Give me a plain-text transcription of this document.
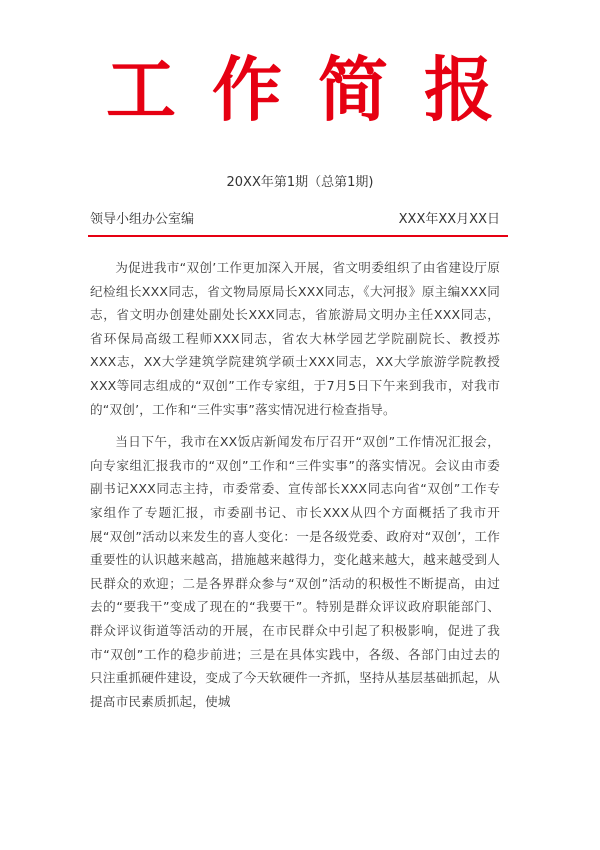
工 作 简 报
20XX年第1期（总第1期)
领导小组办公室编	XXX年XX月XX日

为促进我市“双创’工作更加深入开展，省文明委组织了由省建设厅原纪检组长XXX同志，省文物局原局长XXX同志，《大河报》原主编XXX同志，省文明办创建处副处长XXX同志，省旅游局文明办主任XXX同志，省环保局高级工程师XXX同志，省农大林学园艺学院副院长、教授苏XXX志，XX大学建筑学院建筑学硕士XXX同志，XX大学旅游学院教授XXX等同志组成的“双创”工作专家组，于7月5日下午来到我市，对我市的“双创’，工作和“三件实事”落实情况进行检查指导。

当日下午，我市在XX饭店新闻发布厅召开“双创”工作情况汇报会，向专家组汇报我市的“双创”工作和“三件实事”的落实情况。会议由市委副书记XXX同志主持，市委常委、宣传部长XXX同志向省“双创”工作专家组作了专题汇报，市委副书记、市长XXX从四个方面概括了我市开展“双创”活动以来发生的喜人变化：一是各级党委、政府对“双创’，工作重要性的认识越来越高，措施越来越得力，变化越来越大，越来越受到人民群众的欢迎；二是各界群众参与“双创”活动的积极性不断提高，由过去的“要我干”变成了现在的“我要干”。特别是群众评议政府职能部门、群众评议街道等活动的开展，在市民群众中引起了积极影响，促进了我市“双创”工作的稳步前进；三是在具体实践中，各级、各部门由过去的只注重抓硬件建设，变成了今天软硬件一齐抓，坚持从基层基础抓起，从提高市民素质抓起，使城
